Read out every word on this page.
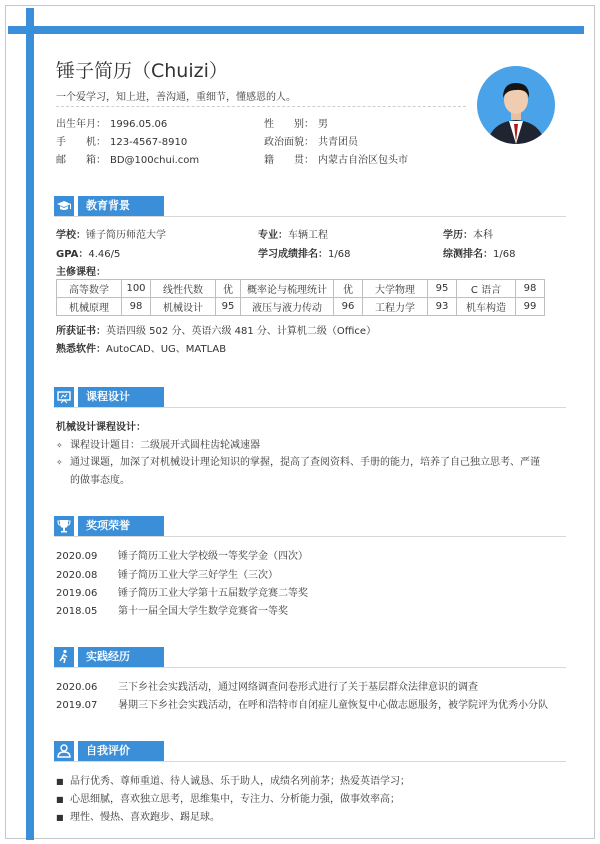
锤子简历（Chuizi）
一个爱学习，知上进，善沟通，重细节，懂感恩的人。
出生年月： 1996.05.06	性　　别： 男
手　　机： 123-4567-8910	政治面貌： 共青团员
邮　　箱： BD@100chui.com	籍　　贯： 内蒙古自治区包头市
教育背景
学校：锤子简历师范大学	专业：车辆工程	学历：本科
GPA：4.46/5	学习成绩排名：1/68	综测排名：1/68
主修课程：
高等数学	100	线性代数	优	概率论与梳理统计	优	大学物理	95	C 语言	98
机械原理	98	机械设计	95	液压与液力传动	96	工程力学	93	机车构造	99
所获证书：英语四级 502 分、英语六级 481 分、计算机二级（Office）
熟悉软件：AutoCAD、UG、MATLAB
课程设计
机械设计课程设计：
✧ 课程设计题目：二级展开式圆柱齿轮减速器
✧ 通过课题，加深了对机械设计理论知识的掌握，提高了查阅资料、手册的能力，培养了自己独立思考、严谨
的做事态度。
奖项荣誉
2020.09 锤子简历工业大学校级一等奖学金（四次）
2020.08 锤子简历工业大学三好学生（三次）
2019.06 锤子简历工业大学第十五届数学竞赛二等奖
2018.05 第十一届全国大学生数学竞赛省一等奖
实践经历
2020.06 三下乡社会实践活动，通过网络调查问卷形式进行了关于基层群众法律意识的调查
2019.07 暑期三下乡社会实践活动，在呼和浩特市自闭症儿童恢复中心做志愿服务，被学院评为优秀小分队
自我评价
■ 品行优秀、尊师重道、待人诚恳、乐于助人，成绩名列前茅；热爱英语学习；
■ 心思细腻，喜欢独立思考，思维集中，专注力、分析能力强，做事效率高；
■ 理性、慢热、喜欢跑步、踢足球。
